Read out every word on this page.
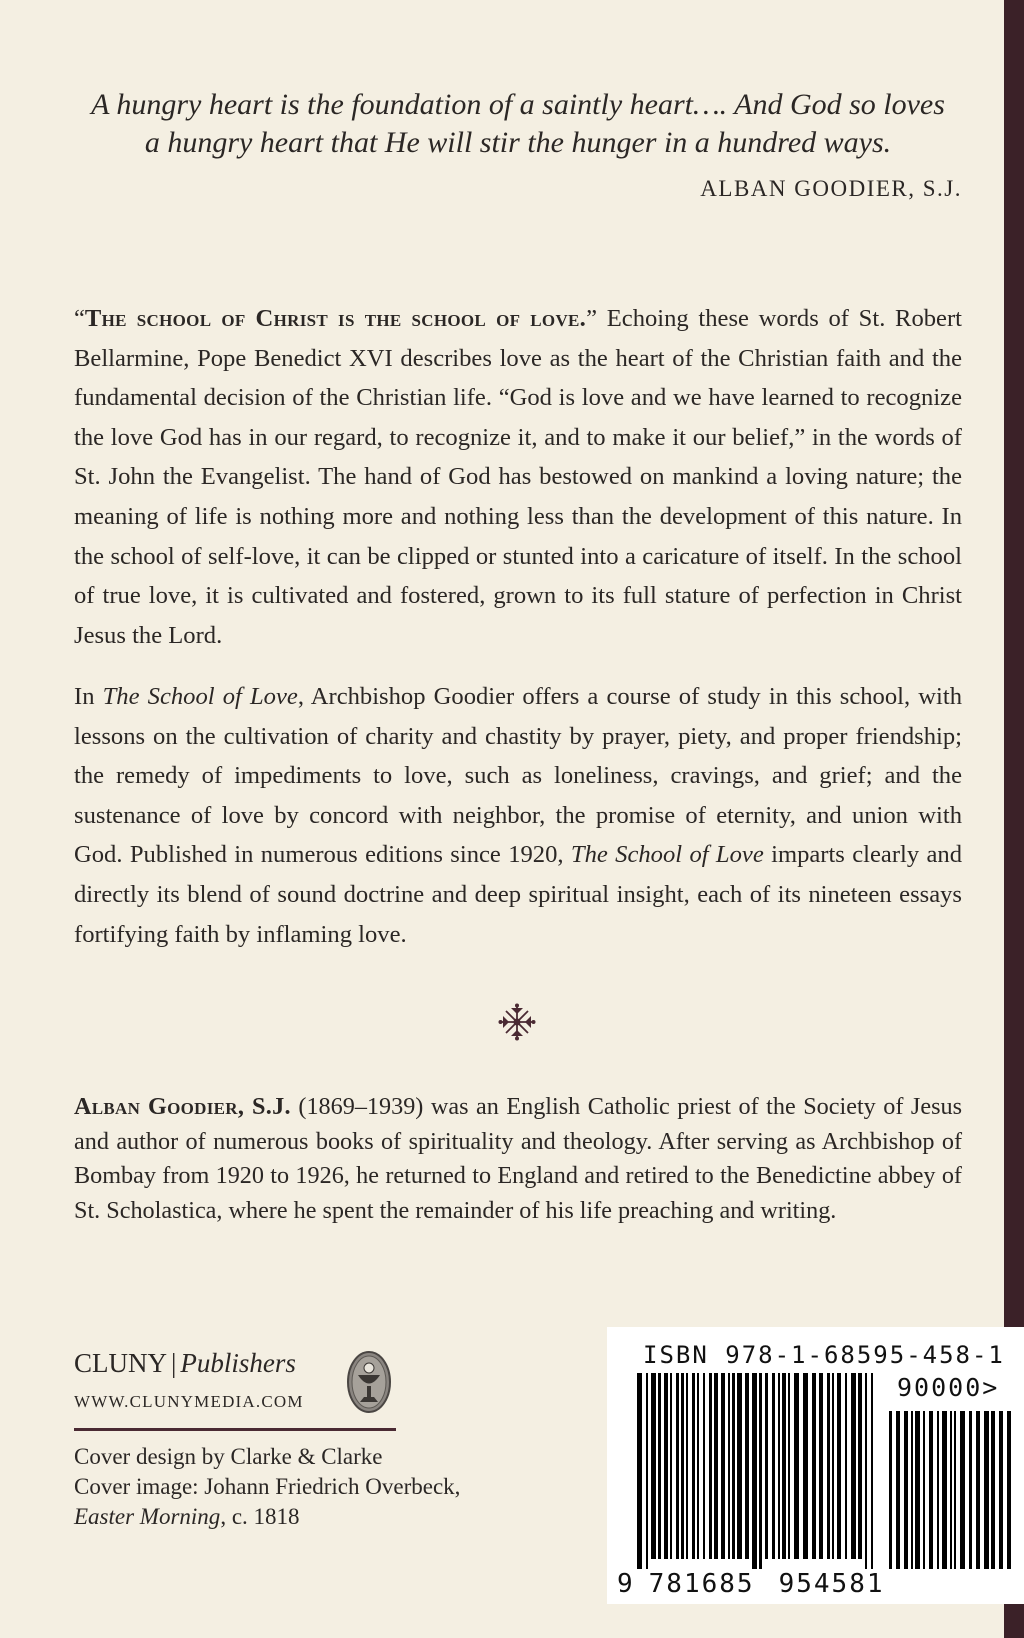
A hungry heart is the foundation of a saintly heart…. And God so loves
a hungry heart that He will stir the hunger in a hundred ways.
ALBAN GOODIER, S.J.

“The school of Christ is the school of love.” Echoing these words of St. Robert Bellarmine, Pope Benedict XVI describes love as the heart of the Christian faith and the fundamental decision of the Christian life. “God is love and we have learned to recognize the love God has in our regard, to recognize it, and to make it our belief,” in the words of St. John the Evangelist. The hand of God has bestowed on mankind a loving nature; the meaning of life is nothing more and nothing less than the development of this nature. In the school of self-love, it can be clipped or stunted into a caricature of itself. In the school of true love, it is cultivated and fostered, grown to its full stature of perfection in Christ Jesus the Lord.

In The School of Love, Archbishop Goodier offers a course of study in this school, with lessons on the cultivation of charity and chastity by prayer, piety, and proper friendship; the remedy of impediments to love, such as loneliness, cravings, and grief; and the sustenance of love by concord with neighbor, the promise of eternity, and union with God. Published in numerous editions since 1920, The School of Love imparts clearly and directly its blend of sound doctrine and deep spiritual insight, each of its nineteen essays fortifying faith by inflaming love.

Alban Goodier, S.J. (1869–1939) was an English Catholic priest of the Society of Jesus and author of numerous books of spirituality and theology. After serving as Archbishop of Bombay from 1920 to 1926, he returned to England and retired to the Benedictine abbey of St. Scholastica, where he spent the remainder of his life preaching and writing.

CLUNY | Publishers
WWW.CLUNYMEDIA.COM
Cover design by Clarke & Clarke
Cover image: Johann Friedrich Overbeck,
Easter Morning, c. 1818
ISBN 978-1-68595-458-1
90000>
9 781685 954581
